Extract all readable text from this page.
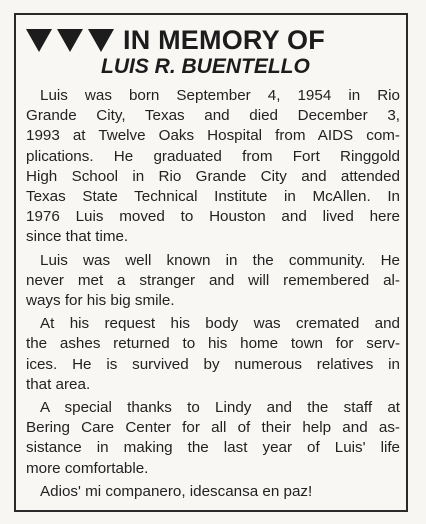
IN MEMORY OF
LUIS R. BUENTELLO

Luis was born September 4, 1954 in Rio
Grande City, Texas and died December 3,
1993 at Twelve Oaks Hospital from AIDS com-
plications. He graduated from Fort Ringgold
High School in Rio Grande City and attended
Texas State Technical Institute in McAllen. In
1976 Luis moved to Houston and lived here
since that time.

Luis was well known in the community. He
never met a stranger and will remembered al-
ways for his big smile.

At his request his body was cremated and
the ashes returned to his home town for serv-
ices. He is survived by numerous relatives in
that area.

A special thanks to Lindy and the staff at
Bering Care Center for all of their help and as-
sistance in making the last year of Luis' life
more comfortable.

Adios' mi companero, idescansa en paz!
